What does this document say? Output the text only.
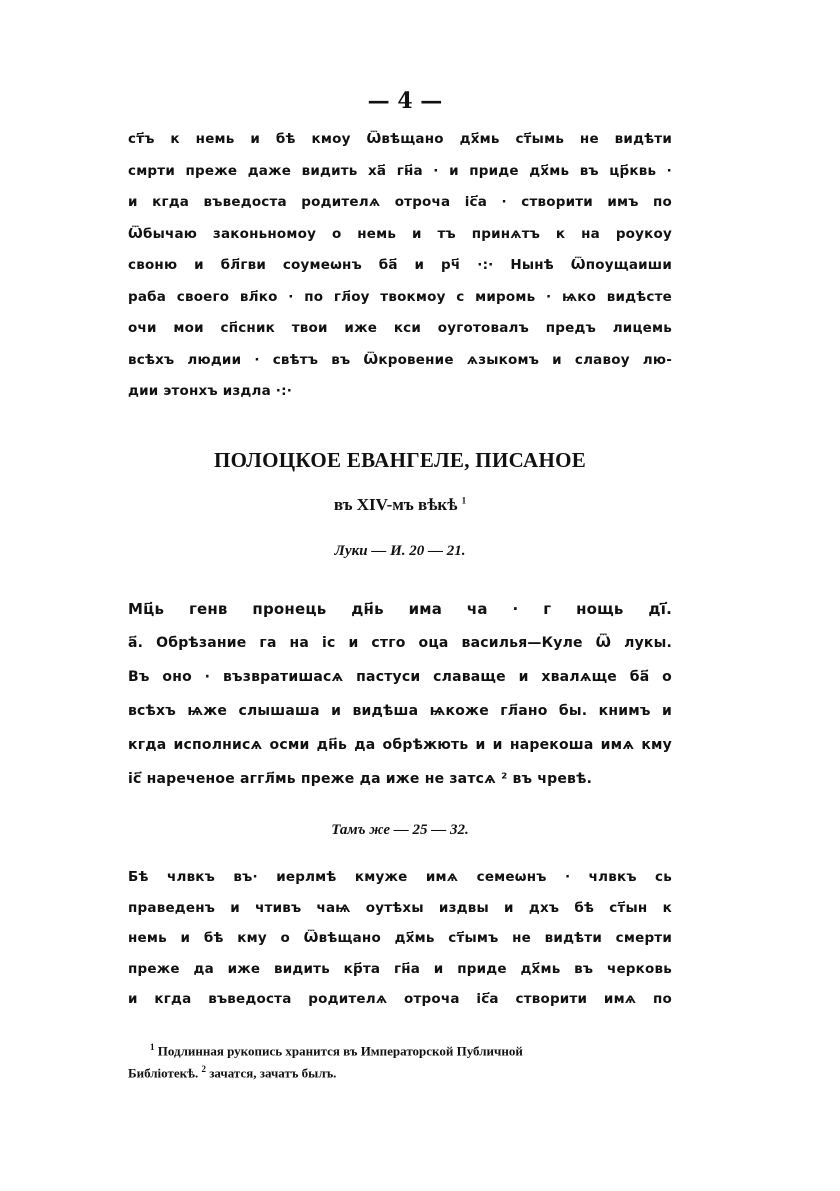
— 4 —
ст҃ъ к немь и бѣ кмоу Ѿвѣщано дх҃мь ст҃ымь не видѣти
смрти преже даже видить ха҃ гн҃а · и приде дх҃мь въ цр҃квь ·
и кгда въведоста родителѧ отроча іс҃а · створити имъ по
Ѿбычаю законьномоу о немь и тъ принѧтъ к на роукоу
своню и бл҃гви соумеѡнъ ба҃ и рч҃ ·:· Нынѣ Ѿпоущаиши
раба своего вл҃ко · по гл҃оу твокмоу с миромь · ѩко видѣсте
очи мои сп҃сник твои иже кси оуготовалъ предъ лицемь
всѣхъ людии · свѣтъ въ Ѿкровение ѧзыкомъ и славоу лю-
дии этонхъ издла ·:·
ПОЛОЦКОЕ ЕВАНГЕЛЕ, ПИСАНОЕ
въ XIV-мъ вѣкѣ $^1$
Луки — И. 20 — 21.
Мц҃ь генв пронець дн҃ь има ча · г нощь ді҃.
а҃. Обрѣзание га на ic и стго оца василья—Куле Ѿ лукы.
Въ оно · възвратишасѧ пастуси славаще и хвалѧще ба҃ о
всѣхъ ѩже слышаша и видѣша ѩкоже гл҃ано бы. книмъ и
кгда исполнисѧ осми дн҃ь да обрѣжють и и нарекоша имѧ кму
іс҃ нареченое аггл҃мь преже да иже не затсѧ ² въ чревѣ.
Тамъ же — 25 — 32.
Бѣ члвкъ въ· иерлмѣ кмуже имѧ семеѡнъ · члвкъ сь
праведенъ и чтивъ чаѩ оутѣхы издвы и дхъ бѣ ст҃ын к
немь и бѣ кму о Ѿвѣщано дх҃мь ст҃ымъ не видѣти смерти
преже да иже видить кр҃та гн҃а и приде дх҃мь въ черковь
и кгда въведоста родителѧ отроча іс҃а створити имѧ по
$^1$ Подлинная рукопись хранится въ Императорской Публичной
Библіотекѣ. $^2$ зачатся, зачатъ былъ.
